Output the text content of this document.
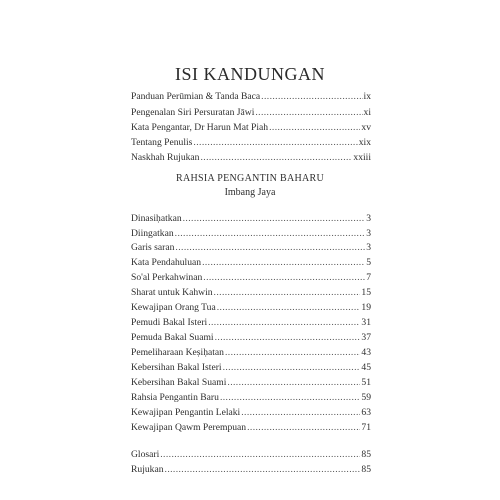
ISI KANDUNGAN
Panduan Perūmian & Tanda Baca .....	ix
Pengenalan Siri Persuratan Jāwi .....	xi
Kata Pengantar, Dr Harun Mat Piah .....	xv
Tentang Penulis .....	xix
Naskhah Rujukan .....	xxiii
RAHSIA PENGANTIN BAHARU
Imbang Jaya
Dinasiḥatkan .....	3
Diingatkan .....	3
Garis saran .....	3
Kata Pendahuluan .....	5
So'al Perkahwinan .....	7
Sharat untuk Kahwin .....	15
Kewajipan Orang Tua .....	19
Pemudi Bakal Isteri .....	31
Pemuda Bakal Suami .....	37
Pemeliharaan Keṣiḥatan .....	43
Kebersihan Bakal Isteri .....	45
Kebersihan Bakal Suami .....	51
Rahsia Pengantin Baru .....	59
Kewajipan Pengantin Lelaki .....	63
Kewajipan Qawm Perempuan .....	71
Glosari .....	85
Rujukan .....	85
